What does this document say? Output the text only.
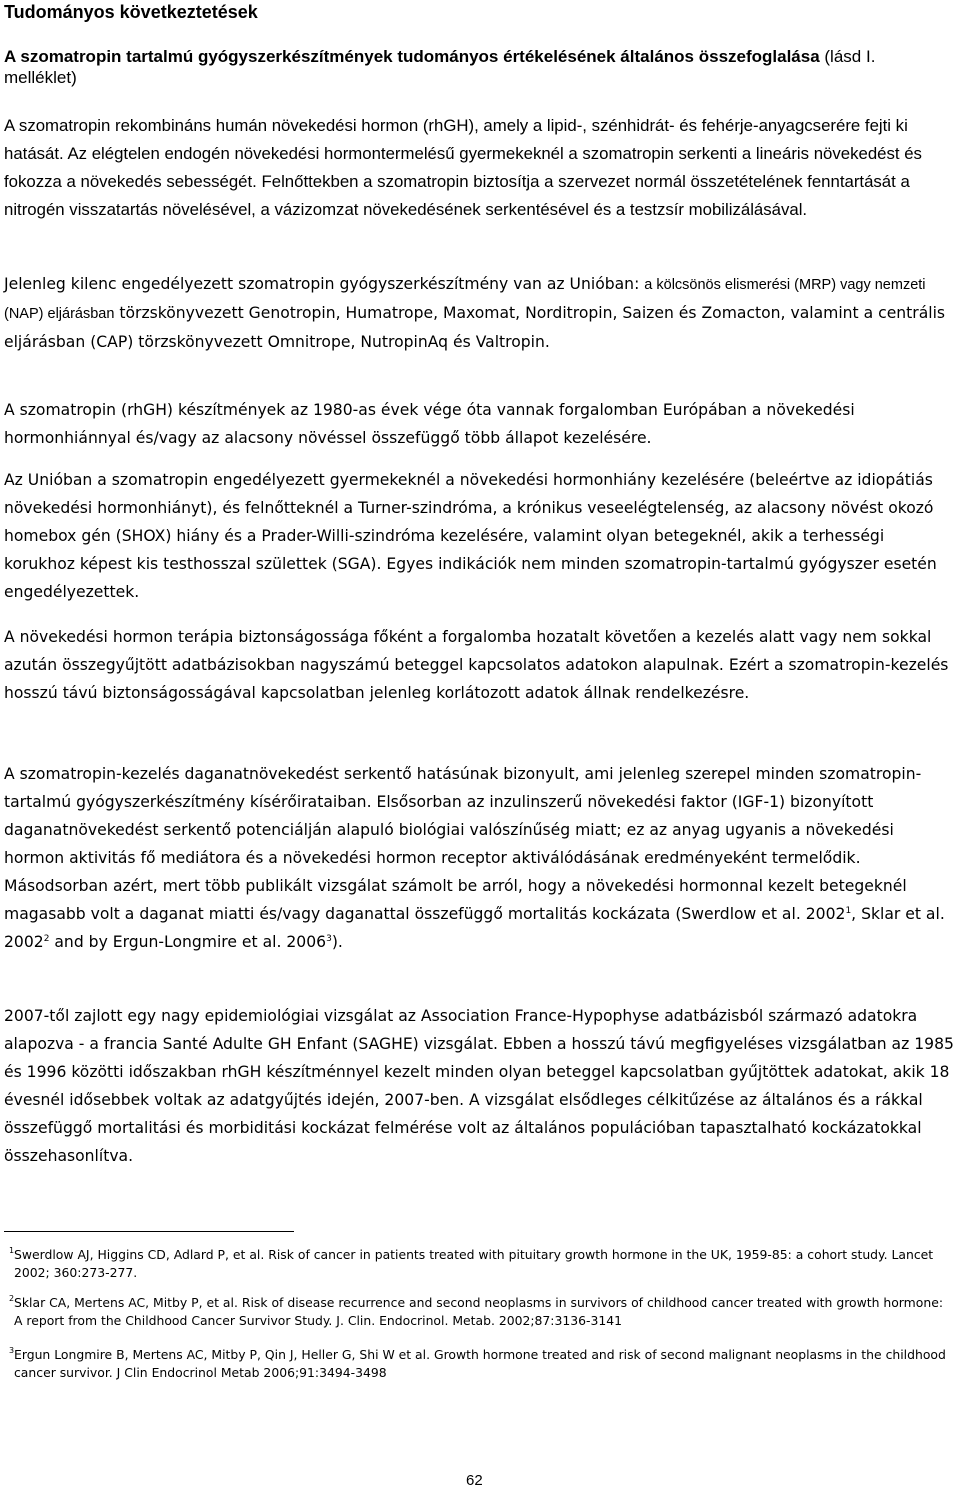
Tudományos következtetések
A szomatropin tartalmú gyógyszerkészítmények tudományos értékelésének általános összefoglalása (lásd I. melléklet)

A szomatropin rekombináns humán növekedési hormon (rhGH), amely a lipid-, szénhidrát- és fehérje-anyagcserére fejti ki hatását. Az elégtelen endogén növekedési hormontermelésű gyermekeknél a szomatropin serkenti a lineáris növekedést és fokozza a növekedés sebességét. Felnőttekben a szomatropin biztosítja a szervezet normál összetételének fenntartását a nitrogén visszatartás növelésével, a vázizomzat növekedésének serkentésével és a testzsír mobilizálásával.

Jelenleg kilenc engedélyezett szomatropin gyógyszerkészítmény van az Unióban: a kölcsönös elismerési (MRP) vagy nemzeti (NAP) eljárásban törzskönyvezett Genotropin, Humatrope, Maxomat, Norditropin, Saizen és Zomacton, valamint a centrális eljárásban (CAP) törzskönyvezett Omnitrope, NutropinAq és Valtropin.

A szomatropin (rhGH) készítmények az 1980-as évek vége óta vannak forgalomban Európában a növekedési hormonhiánnyal és/vagy az alacsony növéssel összefüggő több állapot kezelésére.

Az Unióban a szomatropin engedélyezett gyermekeknél a növekedési hormonhiány kezelésére (beleértve az idiopátiás növekedési hormonhiányt), és felnőtteknél a Turner-szindróma, a krónikus veseelégtelenség, az alacsony növést okozó homebox gén (SHOX) hiány és a Prader-Willi-szindróma kezelésére, valamint olyan betegeknél, akik a terhességi korukhoz képest kis testhosszal születtek (SGA). Egyes indikációk nem minden szomatropin-tartalmú gyógyszer esetén engedélyezettek.

A növekedési hormon terápia biztonságossága főként a forgalomba hozatalt követően a kezelés alatt vagy nem sokkal azután összegyűjtött adatbázisokban nagyszámú beteggel kapcsolatos adatokon alapulnak. Ezért a szomatropin-kezelés hosszú távú biztonságosságával kapcsolatban jelenleg korlátozott adatok állnak rendelkezésre.

A szomatropin-kezelés daganatnövekedést serkentő hatásúnak bizonyult, ami jelenleg szerepel minden szomatropin-tartalmú gyógyszerkészítmény kísérőirataiban. Elsősorban az inzulinszerű növekedési faktor (IGF-1) bizonyított daganatnövekedést serkentő potenciálján alapuló biológiai valószínűség miatt; ez az anyag ugyanis a növekedési hormon aktivitás fő mediátora és a növekedési hormon receptor aktiválódásának eredményeként termelődik. Másodsorban azért, mert több publikált vizsgálat számolt be arról, hogy a növekedési hormonnal kezelt betegeknél magasabb volt a daganat miatti és/vagy daganattal összefüggő mortalitás kockázata (Swerdlow et al. 2002$^1$, Sklar et al. 2002$^2$ and by Ergun-Longmire et al. 2006$^3$).

2007-től zajlott egy nagy epidemiológiai vizsgálat az Association France-Hypophyse adatbázisból származó adatokra alapozva - a francia Santé Adulte GH Enfant (SAGHE) vizsgálat. Ebben a hosszú távú megfigyeléses vizsgálatban az 1985 és 1996 közötti időszakban rhGH készítménnyel kezelt minden olyan beteggel kapcsolatban gyűjtöttek adatokat, akik 18 évesnél idősebbek voltak az adatgyűjtés idején, 2007-ben. A vizsgálat elsődleges célkitűzése az általános és a rákkal összefüggő mortalitási és morbiditási kockázat felmérése volt az általános populációban tapasztalható kockázatokkal összehasonlítva.

1 Swerdlow AJ, Higgins CD, Adlard P, et al. Risk of cancer in patients treated with pituitary growth hormone in the UK, 1959-85: a cohort study. Lancet 2002; 360:273-277.
2 Sklar CA, Mertens AC, Mitby P, et al. Risk of disease recurrence and second neoplasms in survivors of childhood cancer treated with growth hormone: A report from the Childhood Cancer Survivor Study. J. Clin. Endocrinol. Metab. 2002;87:3136-3141
3 Ergun Longmire B, Mertens AC, Mitby P, Qin J, Heller G, Shi W et al. Growth hormone treated and risk of second malignant neoplasms in the childhood cancer survivor. J Clin Endocrinol Metab 2006;91:3494-3498

62
